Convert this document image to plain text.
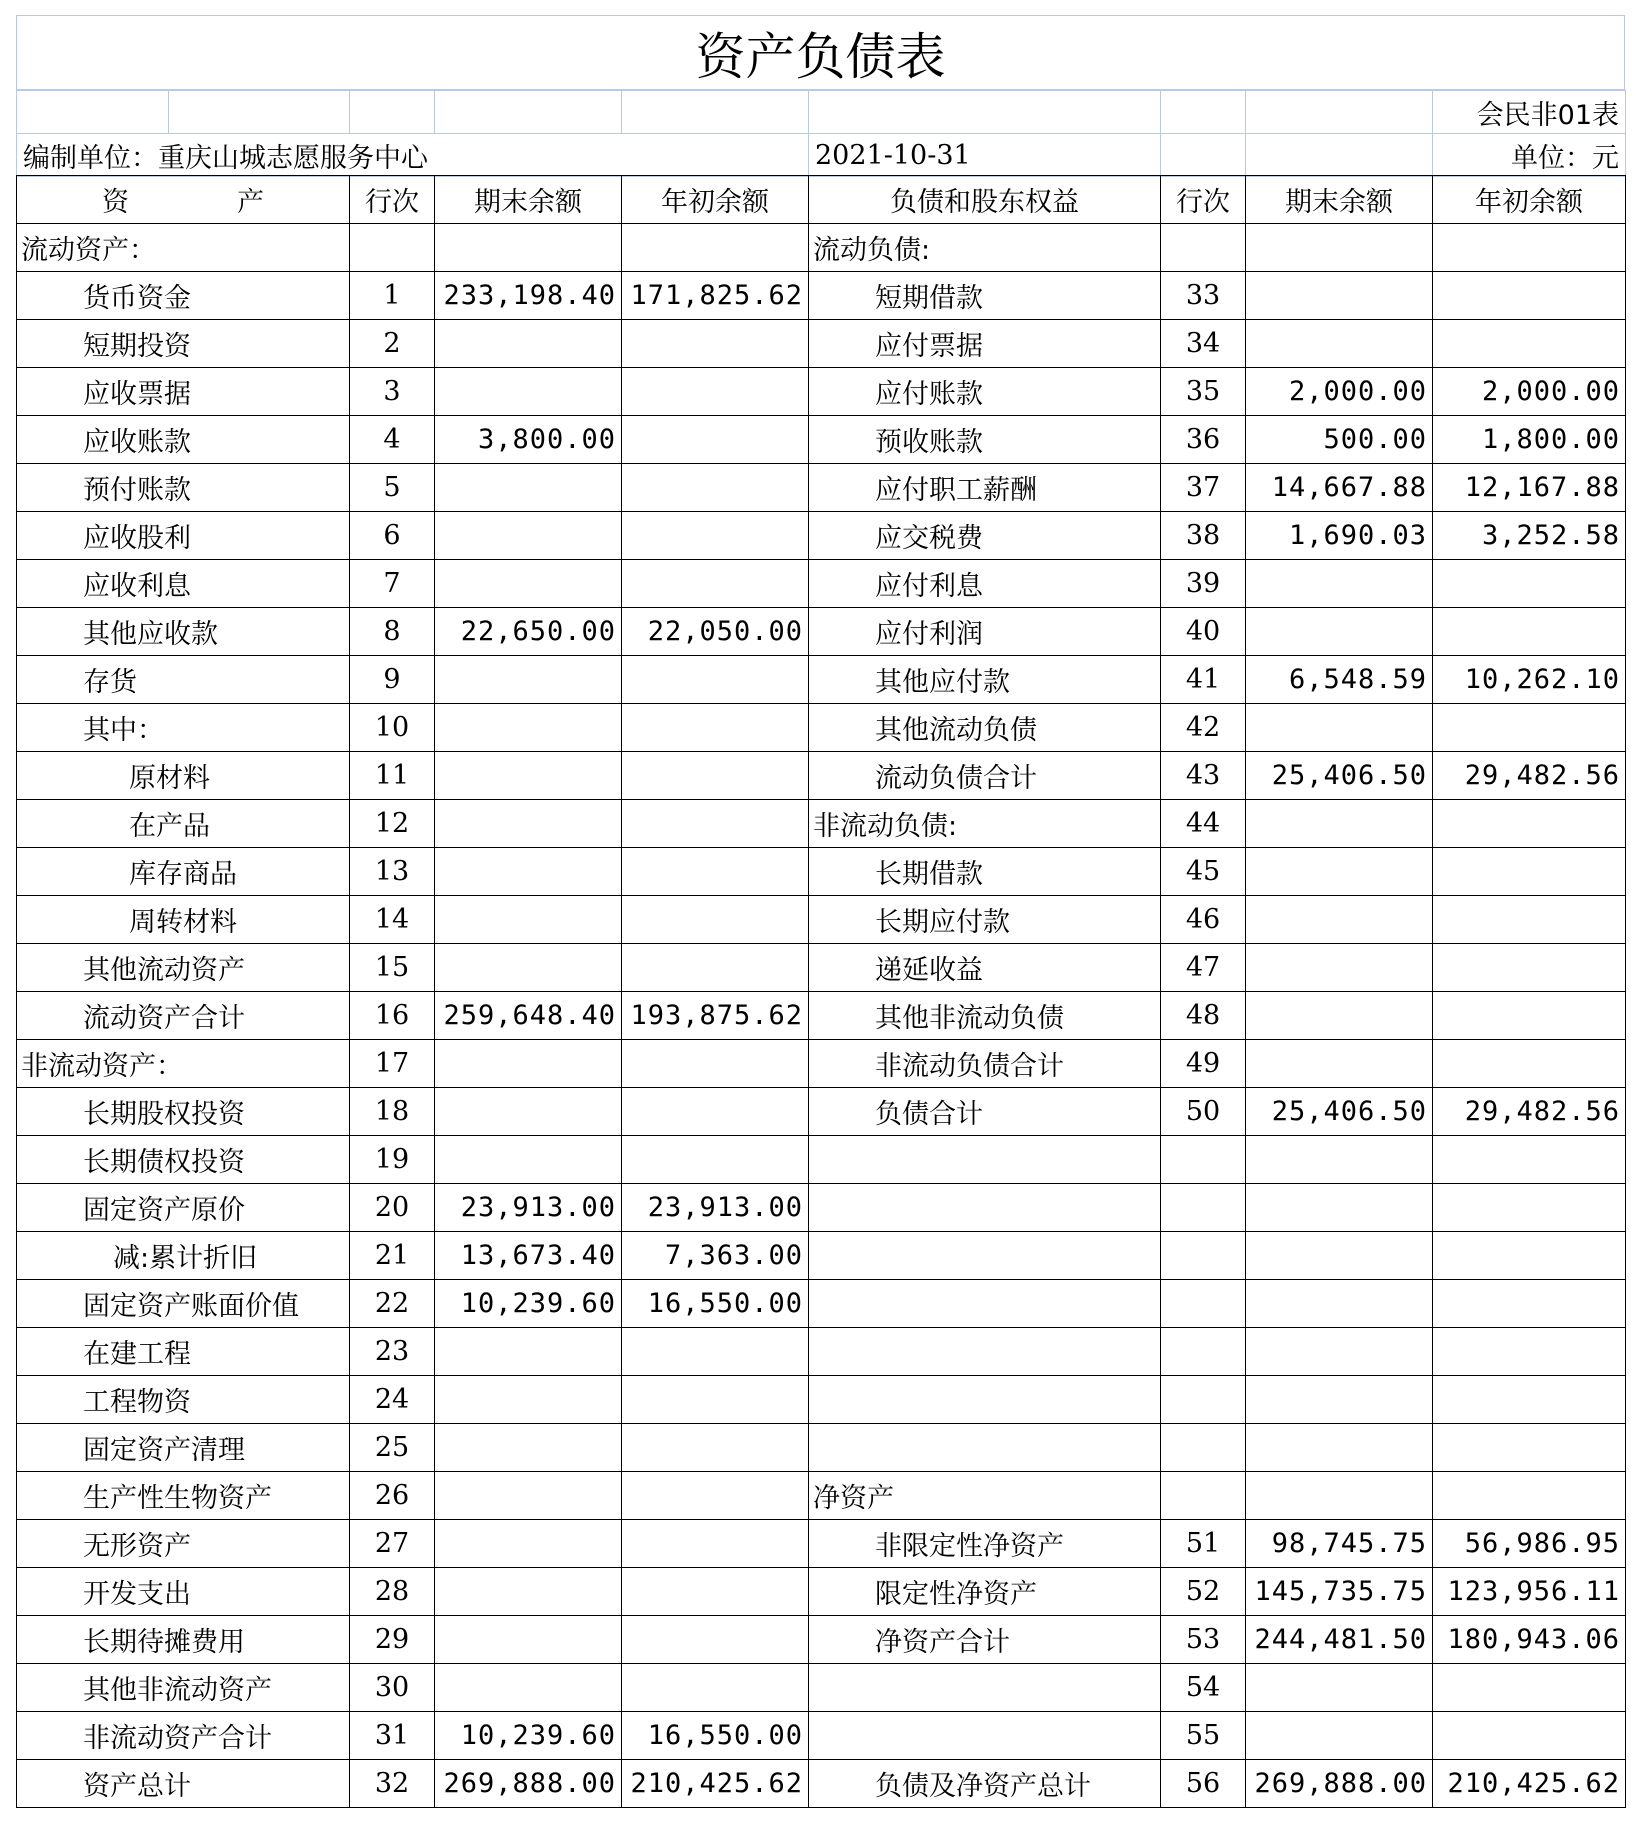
资产负债表
								会民非01表
编制单位：重庆山城志愿服务中心					2021-10-31			单位：元
资　　　　产	行次	期末余额	年初余额	负债和股东权益	行次	期末余额	年初余额
流动资产：				流动负债:			
货币资金	1	233,198.40	171,825.62	短期借款	33		
短期投资	2			应付票据	34		
应收票据	3			应付账款	35	2,000.00	2,000.00
应收账款	4	3,800.00		预收账款	36	500.00	1,800.00
预付账款	5			应付职工薪酬	37	14,667.88	12,167.88
应收股利	6			应交税费	38	1,690.03	3,252.58
应收利息	7			应付利息	39		
其他应收款	8	22,650.00	22,050.00	应付利润	40		
存货	9			其他应付款	41	6,548.59	10,262.10
其中：	10			其他流动负债	42		
原材料	11			流动负债合计	43	25,406.50	29,482.56
在产品	12			非流动负债:	44		
库存商品	13			长期借款	45		
周转材料	14			长期应付款	46		
其他流动资产	15			递延收益	47		
流动资产合计	16	259,648.40	193,875.62	其他非流动负债	48		
非流动资产：	17			非流动负债合计	49		
长期股权投资	18			负债合计	50	25,406.50	29,482.56
长期债权投资	19						
固定资产原价	20	23,913.00	23,913.00				
减:累计折旧	21	13,673.40	7,363.00				
固定资产账面价值	22	10,239.60	16,550.00				
在建工程	23						
工程物资	24						
固定资产清理	25						
生产性生物资产	26			净资产			
无形资产	27			非限定性净资产	51	98,745.75	56,986.95
开发支出	28			限定性净资产	52	145,735.75	123,956.11
长期待摊费用	29			净资产合计	53	244,481.50	180,943.06
其他非流动资产	30				54		
非流动资产合计	31	10,239.60	16,550.00		55		
资产总计	32	269,888.00	210,425.62	负债及净资产总计	56	269,888.00	210,425.62
